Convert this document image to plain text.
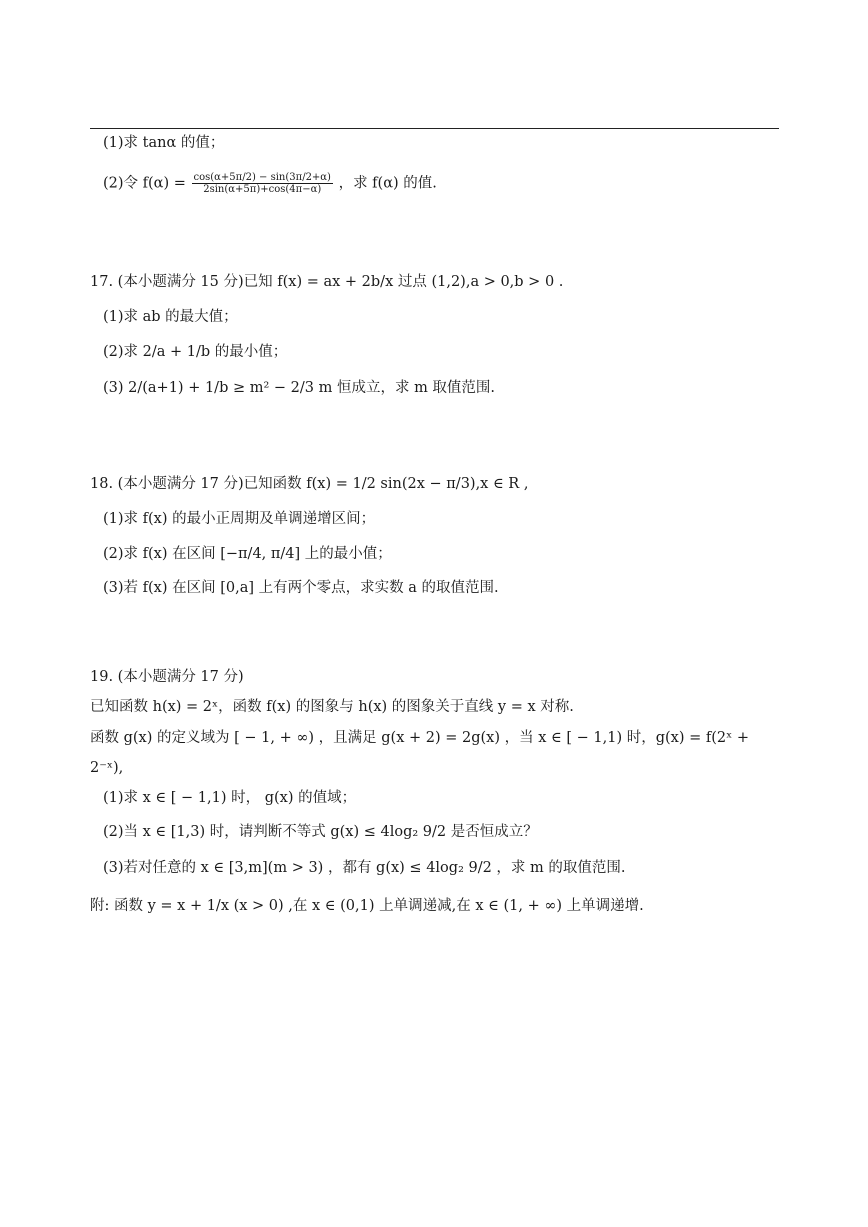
(1)求 tanα 的值；
(2)令 $f(\alpha) = \frac{\cos(\alpha+5\pi/2) - \sin(3\pi/2+\alpha)}{2\sin(\alpha+5\pi)+\cos(4\pi-\alpha)}$ ，求 f(α) 的值.
17. (本小题满分 15 分)已知 f(x) = ax + 2b/x 过点 (1,2),a > 0,b > 0 .
(1)求 ab 的最大值；
(2)求 2/a + 1/b 的最小值；
(3) 2/(a+1) + 1/b ≥ m² − 2/3 m 恒成立，求 m 取值范围.
18. (本小题满分 17 分)已知函数 f(x) = 1/2 sin(2x − π/3),x ∈ R ,
(1)求 f(x) 的最小正周期及单调递增区间；
(2)求 f(x) 在区间 [−π/4, π/4] 上的最小值；
(3)若 f(x) 在区间 [0,a] 上有两个零点，求实数 a 的取值范围.
19. (本小题满分 17 分)
已知函数 h(x) = 2ˣ，函数 f(x) 的图象与 h(x) 的图象关于直线 y = x 对称.
函数 g(x) 的定义域为 [ − 1, + ∞) ，且满足 g(x + 2) = 2g(x) ，当 x ∈ [ − 1,1) 时，g(x) = f(2ˣ +
2⁻ˣ),
(1)求 x ∈ [ − 1,1) 时， g(x) 的值域；
(2)当 x ∈ [1,3) 时，请判断不等式 g(x) ≤ 4log₂ 9/2 是否恒成立？
(3)若对任意的 x ∈ [3,m](m > 3) ，都有 g(x) ≤ 4log₂ 9/2 ，求 m 的取值范围.
附: 函数 y = x + 1/x (x > 0) ,在 x ∈ (0,1) 上单调递减,在 x ∈ (1, + ∞) 上单调递增.
